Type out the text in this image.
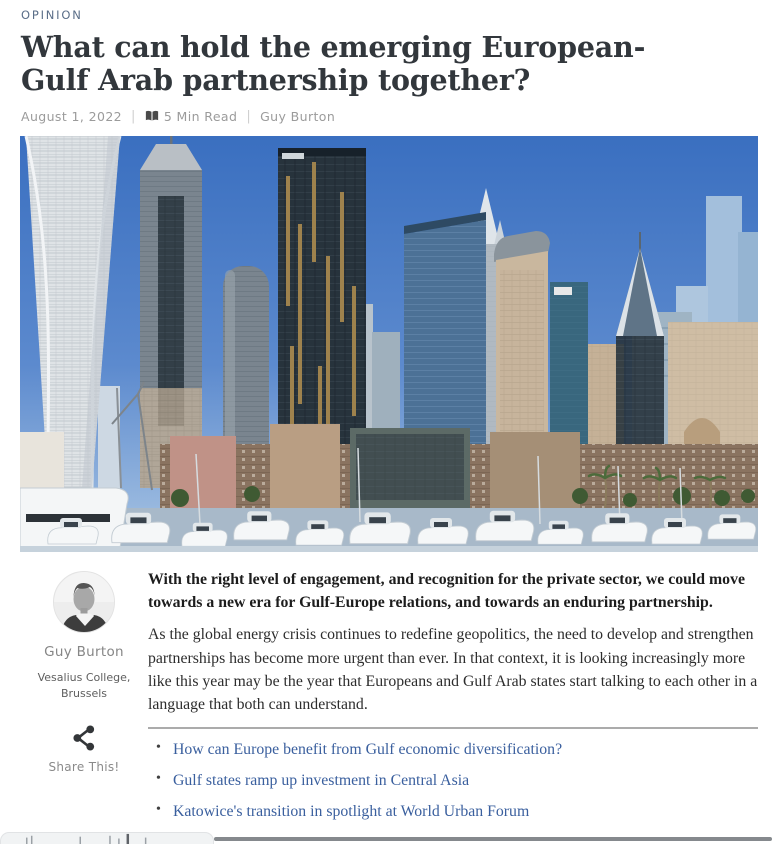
OPINION
What can hold the emerging European-Gulf Arab partnership together?
August 1, 2022 | 5 Min Read | Guy Burton
Guy Burton
Vesalius College,
Brussels
Share This!

With the right level of engagement, and recognition for the private sector, we could move towards a new era for Gulf-Europe relations, and towards an enduring partnership.

As the global energy crisis continues to redefine geopolitics, the need to develop and strengthen partnerships has become more urgent than ever. In that context, it is looking increasingly more like this year may be the year that Europeans and Gulf Arab states start talking to each other in a language that both can understand.

• How can Europe benefit from Gulf economic diversification?
• Gulf states ramp up investment in Central Asia
• Katowice's transition in spotlight at World Urban Forum
